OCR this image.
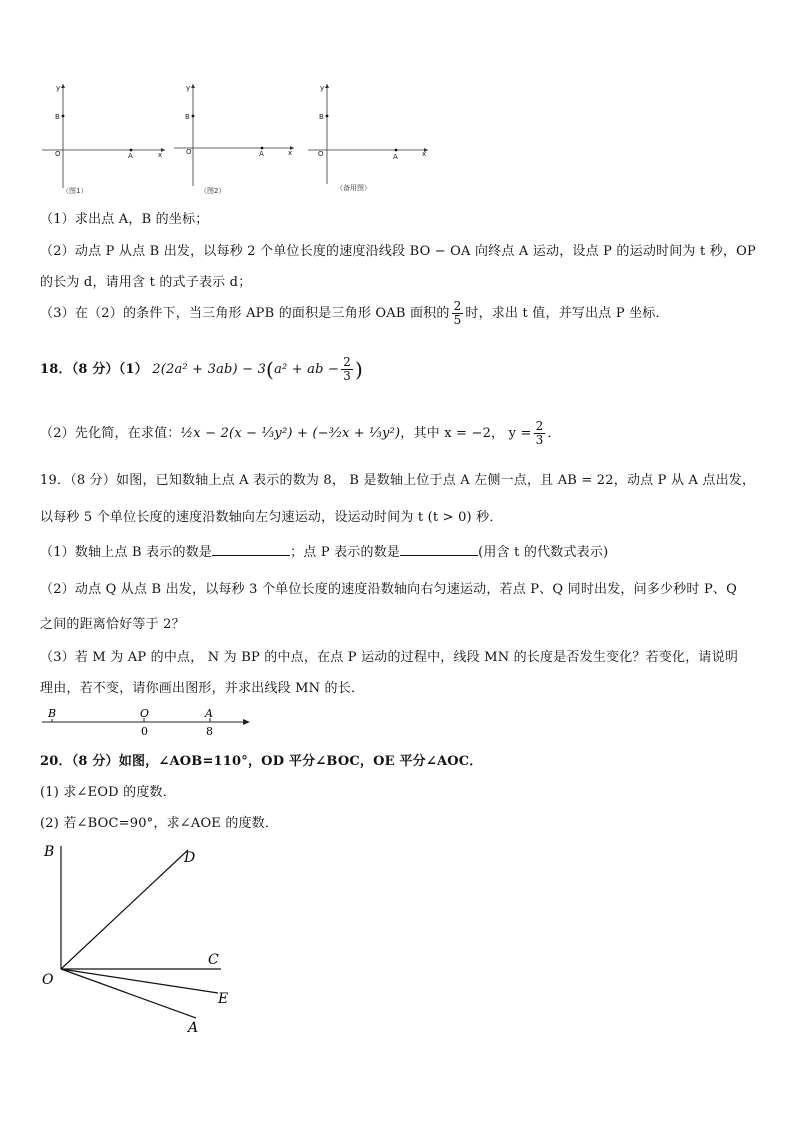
y
B
O	A	x
y
B
O	A	x
y
B
O	A	x
（图1）	（图2）	（备用图）
（1）求出点 A，B 的坐标；
（2）动点 P 从点 B 出发，以每秒 2 个单位长度的速度沿线段 BO − OA 向终点 A 运动，设点 P 的运动时间为 t 秒，OP
的长为 d，请用含 t 的式子表示 d；
（3）在（2）的条件下，当三角形 APB 的面积是三角形 OAB 面积的 $\frac{2}{5}$ 时，求出 t 值，并写出点 P 坐标．
18．（8 分）（1） 2(2a² + 3ab) − 3(a² + ab − $\frac{2}{3}$ )
（2）先化简，在求值：½x − 2(x − ⅓y²) + (−³⁄₂x + ⅓y²)，其中 x = −2， $y = \frac{2}{3}$ ．
19．（8 分）如图，已知数轴上点 A 表示的数为 8， B 是数轴上位于点 A 左侧一点，且 AB = 22，动点 P 从 A 点出发，
以每秒 5 个单位长度的速度沿数轴向左匀速运动，设运动时间为 t (t > 0) 秒．
（1）数轴上点 B 表示的数是	；点 P 表示的数是	(用含 t 的代数式表示)
（2）动点 Q 从点 B 出发，以每秒 3 个单位长度的速度沿数轴向右匀速运动，若点 P、Q 同时出发，问多少秒时 P、Q
之间的距离恰好等于 2？
（3）若 M 为 AP 的中点， N 为 BP 的中点，在点 P 运动的过程中，线段 MN 的长度是否发生变化？若变化，请说明
理由，若不变，请你画出图形，并求出线段 MN 的长．
B	O	A
0	8
20．（8 分）如图，∠AOB=110°，OD 平分∠BOC，OE 平分∠AOC．
(1) 求∠EOD 的度数．
(2) 若∠BOC=90°，求∠AOE 的度数．
B	D
C
O
E
A
